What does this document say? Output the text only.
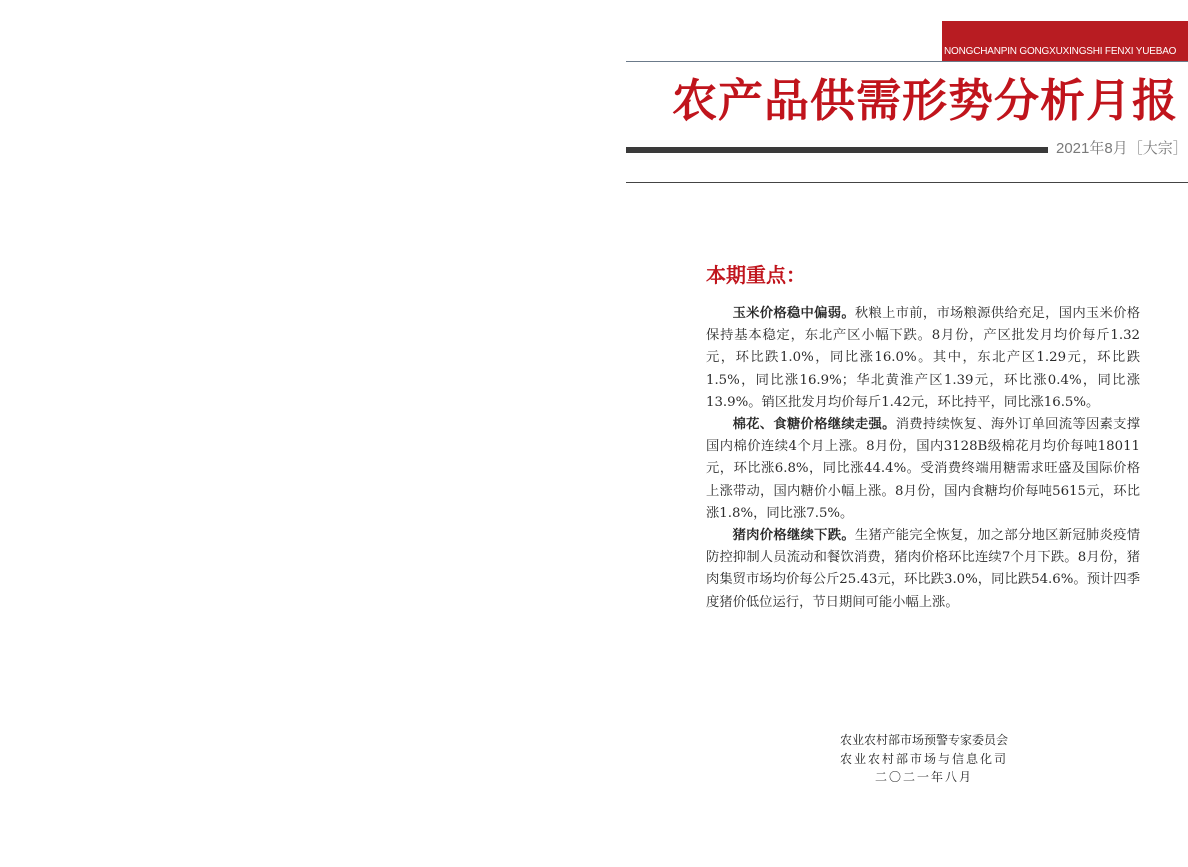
NONGCHANPIN GONGXUXINGSHI FENXI YUEBAO
农产品供需形势分析月报
2021年8月［大宗］
本期重点：

玉米价格稳中偏弱。秋粮上市前，市场粮源供给充足，国内玉米价格保持基本稳定，东北产区小幅下跌。8月份，产区批发月均价每斤1.32元，环比跌1.0%，同比涨16.0%。其中，东北产区1.29元，环比跌1.5%，同比涨16.9%；华北黄淮产区1.39元，环比涨0.4%，同比涨13.9%。销区批发月均价每斤1.42元，环比持平，同比涨16.5%。

棉花、食糖价格继续走强。消费持续恢复、海外订单回流等因素支撑国内棉价连续4个月上涨。8月份，国内3128B级棉花月均价每吨18011元，环比涨6.8%，同比涨44.4%。受消费终端用糖需求旺盛及国际价格上涨带动，国内糖价小幅上涨。8月份，国内食糖均价每吨5615元，环比涨1.8%，同比涨7.5%。

猪肉价格继续下跌。生猪产能完全恢复，加之部分地区新冠肺炎疫情防控抑制人员流动和餐饮消费，猪肉价格环比连续7个月下跌。8月份，猪肉集贸市场均价每公斤25.43元，环比跌3.0%，同比跌54.6%。预计四季度猪价低位运行，节日期间可能小幅上涨。

农业农村部市场预警专家委员会
农业农村部市场与信息化司
二〇二一年八月
